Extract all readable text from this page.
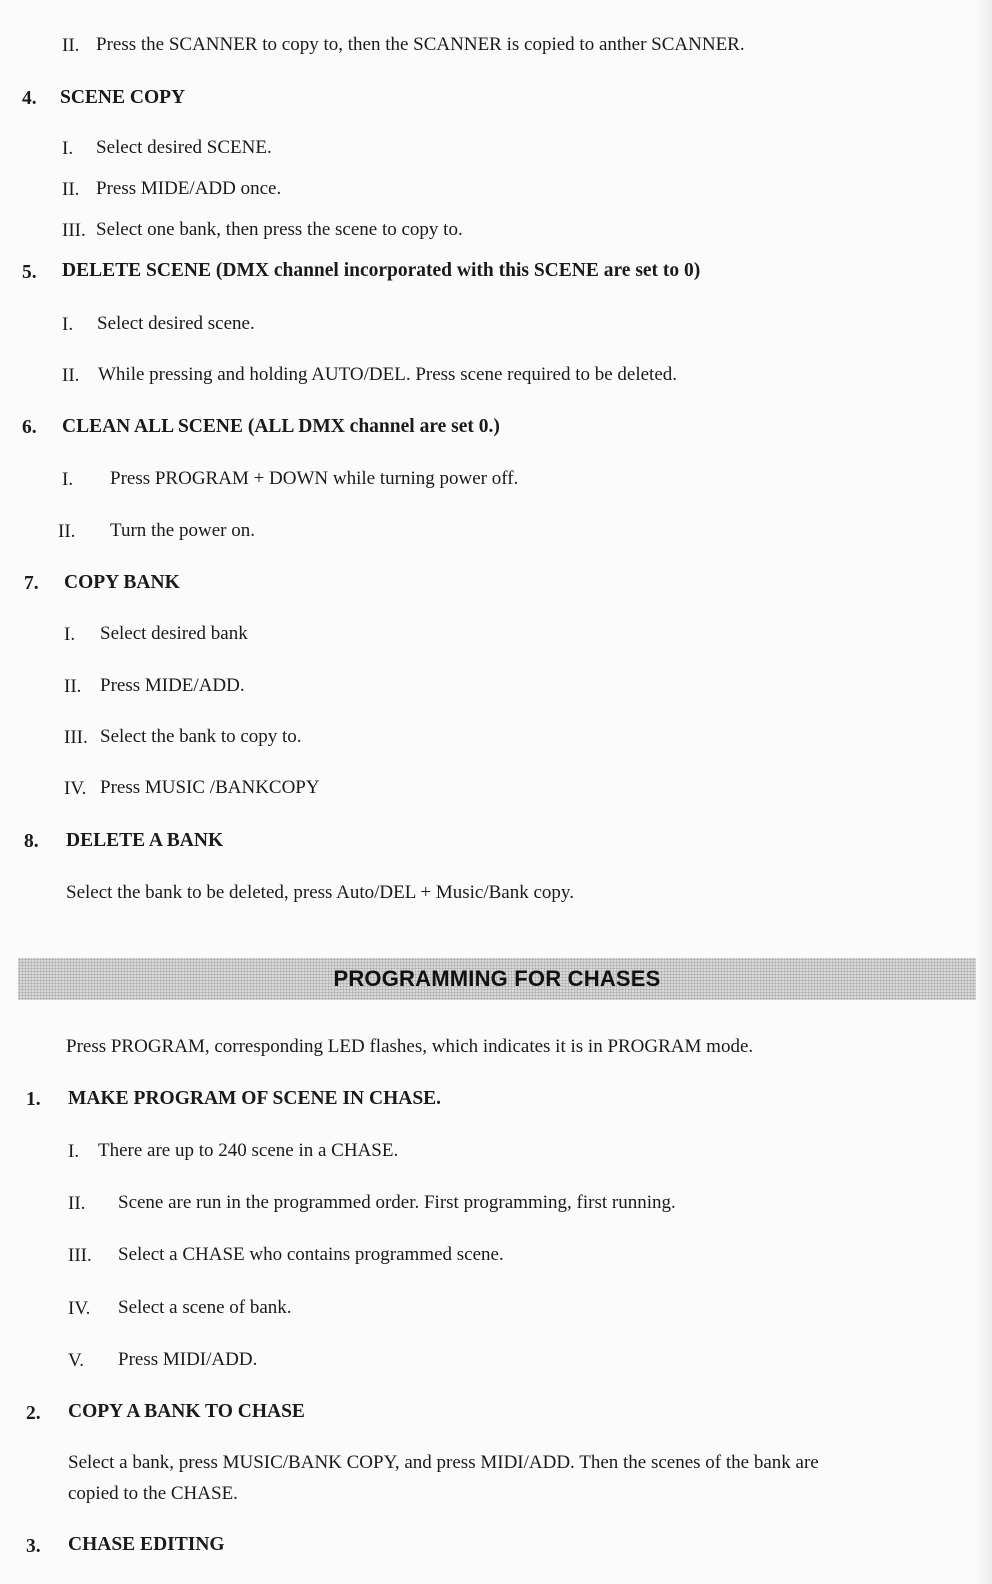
II. Press the SCANNER to copy to, then the SCANNER is copied to anther SCANNER.
4. SCENE COPY
I. Select desired SCENE.
II. Press MIDE/ADD once.
III. Select one bank, then press the scene to copy to.
5. DELETE SCENE (DMX channel incorporated with this SCENE are set to 0)
I. Select desired scene.
II. While pressing and holding AUTO/DEL. Press scene required to be deleted.
6. CLEAN ALL SCENE (ALL DMX channel are set 0.)
I. Press PROGRAM + DOWN while turning power off.
II. Turn the power on.
7. COPY BANK
I. Select desired bank
II. Press MIDE/ADD.
III. Select the bank to copy to.
IV. Press MUSIC /BANKCOPY
8. DELETE A BANK
Select the bank to be deleted, press Auto/DEL + Music/Bank copy.
PROGRAMMING FOR CHASES
Press PROGRAM, corresponding LED flashes, which indicates it is in PROGRAM mode.
1. MAKE PROGRAM OF SCENE IN CHASE.
I. There are up to 240 scene in a CHASE.
II. Scene are run in the programmed order. First programming, first running.
III. Select a CHASE who contains programmed scene.
IV. Select a scene of bank.
V. Press MIDI/ADD.
2. COPY A BANK TO CHASE
Select a bank, press MUSIC/BANK COPY, and press MIDI/ADD. Then the scenes of the bank are
copied to the CHASE.
3. CHASE EDITING
